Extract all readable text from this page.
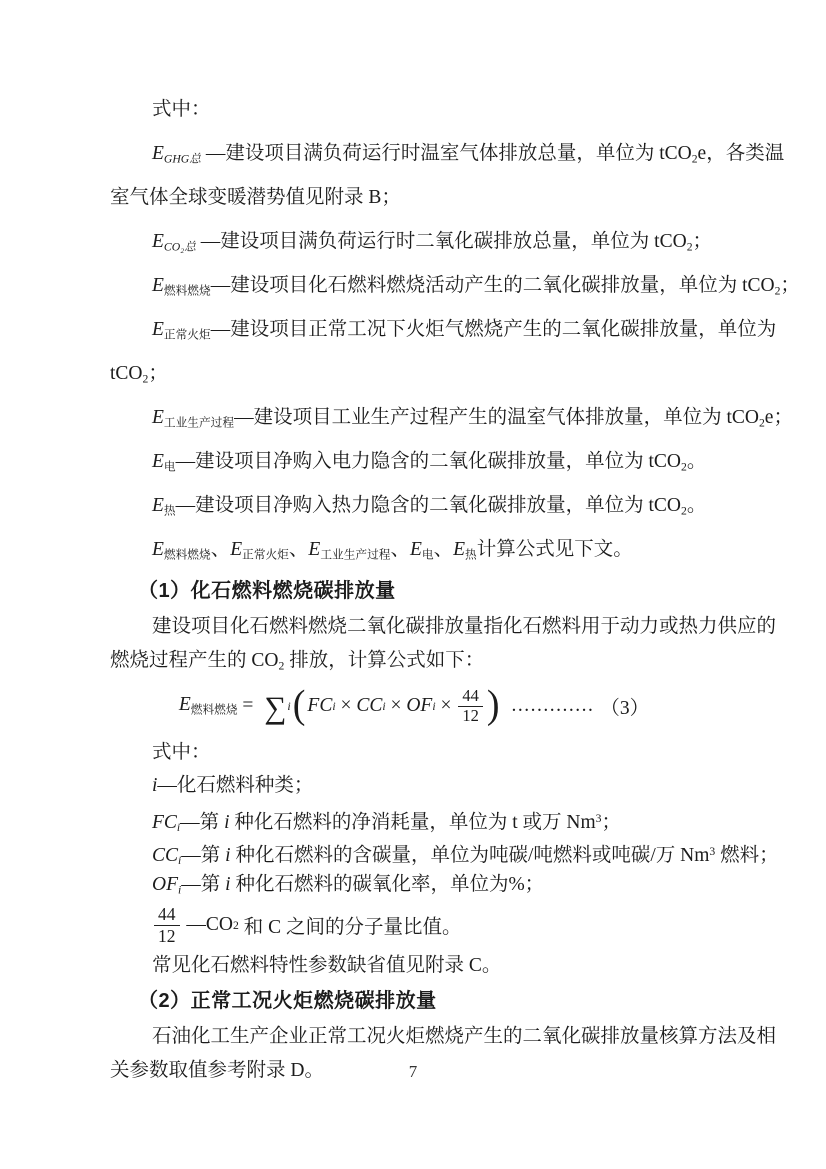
式中：
EGHG总 —建设项目满负荷运行时温室气体排放总量，单位为 tCO2e，各类温
室气体全球变暖潜势值见附录 B；
ECO₂总 —建设项目满负荷运行时二氧化碳排放总量，单位为 tCO2；
E燃料燃烧—建设项目化石燃料燃烧活动产生的二氧化碳排放量，单位为 tCO2；
E正常火炬—建设项目正常工况下火炬气燃烧产生的二氧化碳排放量，单位为
tCO2；
E工业生产过程—建设项目工业生产过程产生的温室气体排放量，单位为 tCO2e；
E电—建设项目净购入电力隐含的二氧化碳排放量，单位为 tCO2。
E热—建设项目净购入热力隐含的二氧化碳排放量，单位为 tCO2。
E燃料燃烧、E正常火炬、E工业生产过程、E电、E热计算公式见下文。
（1）化石燃料燃烧碳排放量
建设项目化石燃料燃烧二氧化碳排放量指化石燃料用于动力或热力供应的
燃烧过程产生的 CO2 排放，计算公式如下：
E燃料燃烧 = ∑ i ( FC i × CC i × OF $i \times \frac{44}{12}$ ) ............. （3）
式中：
i—化石燃料种类；
FCi—第 i 种化石燃料的净消耗量，单位为 t 或万 Nm$^3$；
CCi—第 i 种化石燃料的含碳量，单位为吨碳/吨燃料或吨碳/万 Nm$^3$ 燃料；
OFi—第 i 种化石燃料的碳氧化率，单位为%；
$\frac{44}{12}$ —CO 2 和 C 之间的分子量比值。
常见化石燃料特性参数缺省值见附录 C。
（2）正常工况火炬燃烧碳排放量
石油化工生产企业正常工况火炬燃烧产生的二氧化碳排放量核算方法及相
关参数取值参考附录 D。	7
